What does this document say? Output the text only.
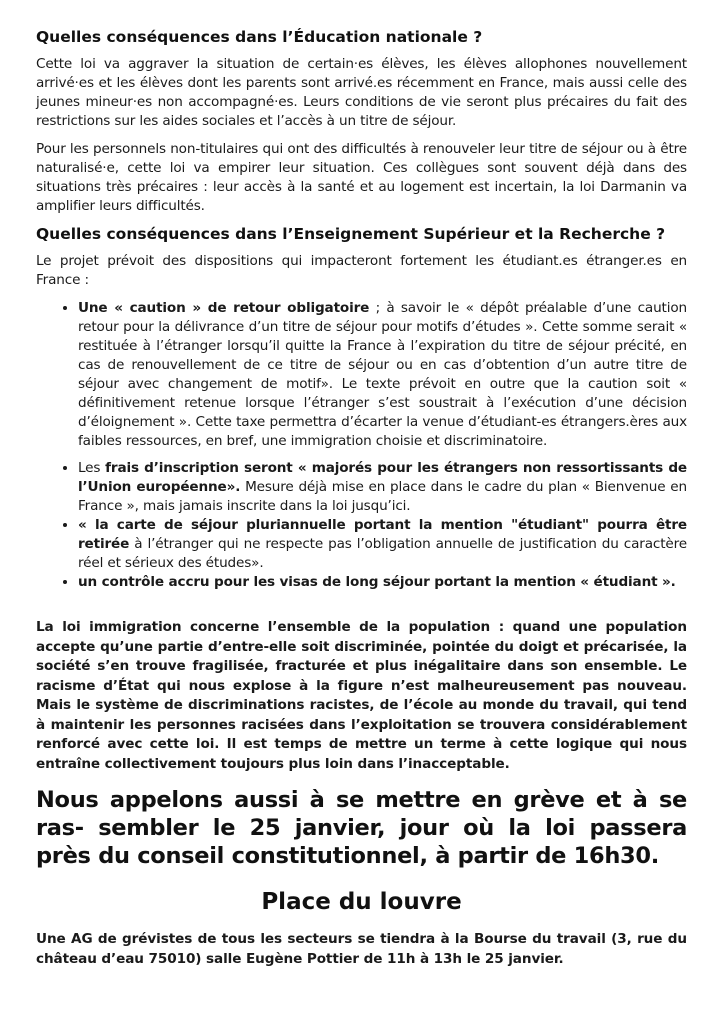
Quelles conséquences dans l’Éducation nationale ?

Cette loi va aggraver la situation de certain·es élèves, les élèves allophones nouvellement arrivé·es et les élèves dont les parents sont arrivé.es récemment en France, mais aussi celle des jeunes mineur·es non accompagné·es. Leurs conditions de vie seront plus précaires du fait des restrictions sur les aides sociales et l’accès à un titre de séjour.

Pour les personnels non-titulaires qui ont des difficultés à renouveler leur titre de séjour ou à être naturalisé·e, cette loi va empirer leur situation. Ces collègues sont souvent déjà dans des situations très précaires : leur accès à la santé et au logement est incertain, la loi Darmanin va amplifier leurs difficultés.

Quelles conséquences dans l’Enseignement Supérieur et la Recherche ?

Le projet prévoit des dispositions qui impacteront fortement les étudiant.es étranger.es en France :

• Une « caution » de retour obligatoire ; à savoir le « dépôt préalable d’une caution retour pour la délivrance d’un titre de séjour pour motifs d’études ». Cette somme serait « restituée à l’étranger lorsqu’il quitte la France à l’expiration du titre de séjour précité, en cas de renouvellement de ce titre de séjour ou en cas d’obtention d’un autre titre de séjour avec changement de motif». Le texte prévoit en outre que la caution soit « définitivement retenue lorsque l’étranger s’est soustrait à l’exécution d’une décision d’éloignement ». Cette taxe permettra d’écarter la venue d’étudiant-es étrangers.ères aux faibles ressources, en bref, une immigration choisie et discriminatoire.
• Les frais d’inscription seront « majorés pour les étrangers non ressortissants de l’Union européenne». Mesure déjà mise en place dans le cadre du plan « Bienvenue en France », mais jamais inscrite dans la loi jusqu’ici.
• « la carte de séjour pluriannuelle portant la mention "étudiant" pourra être retirée à l’étranger qui ne respecte pas l’obligation annuelle de justification du caractère réel et sérieux des études».
• un contrôle accru pour les visas de long séjour portant la mention « étudiant ».
La loi immigration concerne l’ensemble de la population : quand une population accepte qu’une partie d’entre-elle soit discriminée, pointée du doigt et précarisée, la société s’en trouve fragilisée, fracturée et plus inégalitaire dans son ensemble. Le racisme d’État qui nous explose à la figure n’est malheureusement pas nouveau. Mais le système de discriminations racistes, de l’école au monde du travail, qui tend à maintenir les personnes racisées dans l’exploitation se trouvera considérablement renforcé avec cette loi. Il est temps de mettre un terme à cette logique qui nous entraîne collectivement toujours plus loin dans l’inacceptable.
Nous appelons aussi à se mettre en grève et à se ras- sembler le 25 janvier, jour où la loi passera près du conseil constitutionnel, à partir de 16h30.
Place du louvre
Une AG de grévistes de tous les secteurs se tiendra à la Bourse du travail (3, rue du château d’eau 75010) salle Eugène Pottier de 11h à 13h le 25 janvier.
